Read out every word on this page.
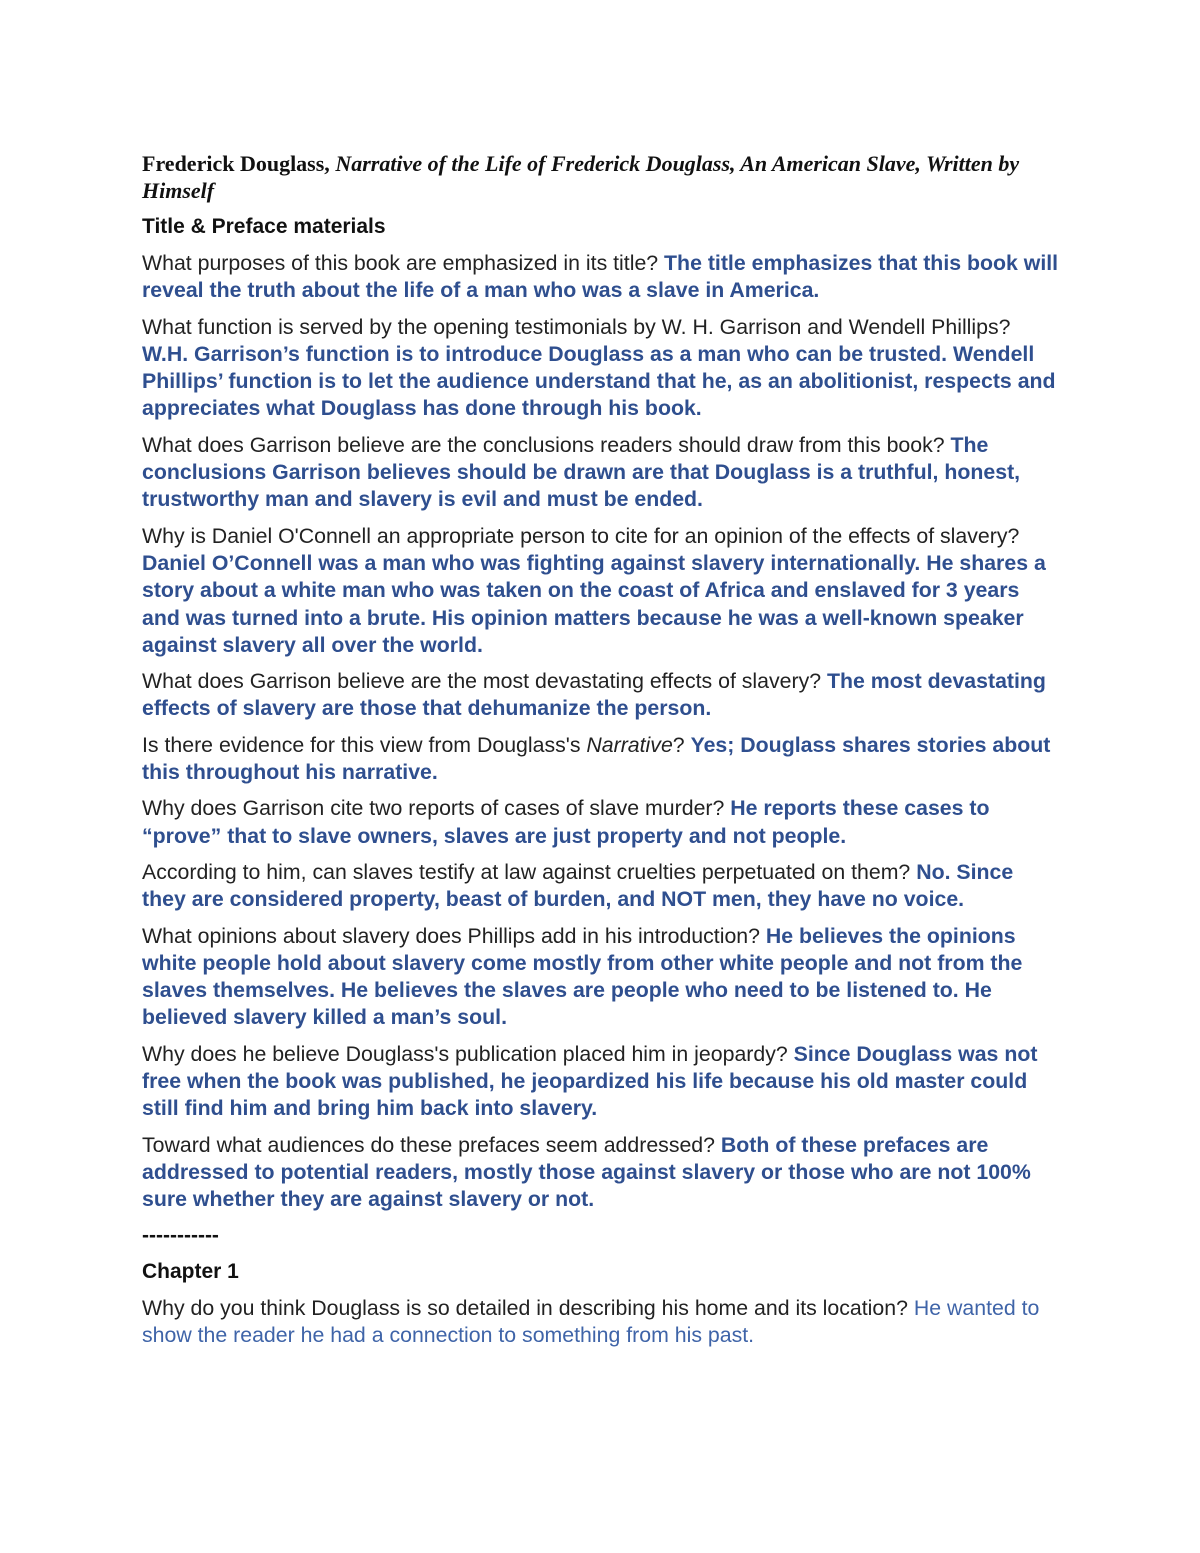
Frederick Douglass, Narrative of the Life of Frederick Douglass, An American Slave, Written by Himself
Title & Preface materials

What purposes of this book are emphasized in its title? The title emphasizes that this book will reveal the truth about the life of a man who was a slave in America.

What function is served by the opening testimonials by W. H. Garrison and Wendell Phillips? W.H. Garrison’s function is to introduce Douglass as a man who can be trusted. Wendell Phillips’ function is to let the audience understand that he, as an abolitionist, respects and appreciates what Douglass has done through his book.

What does Garrison believe are the conclusions readers should draw from this book? The conclusions Garrison believes should be drawn are that Douglass is a truthful, honest, trustworthy man and slavery is evil and must be ended.

Why is Daniel O'Connell an appropriate person to cite for an opinion of the effects of slavery? Daniel O’Connell was a man who was fighting against slavery internationally. He shares a story about a white man who was taken on the coast of Africa and enslaved for 3 years and was turned into a brute. His opinion matters because he was a well-known speaker against slavery all over the world.

What does Garrison believe are the most devastating effects of slavery? The most devastating effects of slavery are those that dehumanize the person.

Is there evidence for this view from Douglass's Narrative? Yes; Douglass shares stories about this throughout his narrative.

Why does Garrison cite two reports of cases of slave murder? He reports these cases to “prove” that to slave owners, slaves are just property and not people.

According to him, can slaves testify at law against cruelties perpetuated on them? No. Since they are considered property, beast of burden, and NOT men, they have no voice.

What opinions about slavery does Phillips add in his introduction? He believes the opinions white people hold about slavery come mostly from other white people and not from the slaves themselves. He believes the slaves are people who need to be listened to. He believed slavery killed a man’s soul.

Why does he believe Douglass's publication placed him in jeopardy? Since Douglass was not free when the book was published, he jeopardized his life because his old master could still find him and bring him back into slavery.

Toward what audiences do these prefaces seem addressed? Both of these prefaces are addressed to potential readers, mostly those against slavery or those who are not 100% sure whether they are against slavery or not.

-----------
Chapter 1

Why do you think Douglass is so detailed in describing his home and its location? He wanted to show the reader he had a connection to something from his past.
